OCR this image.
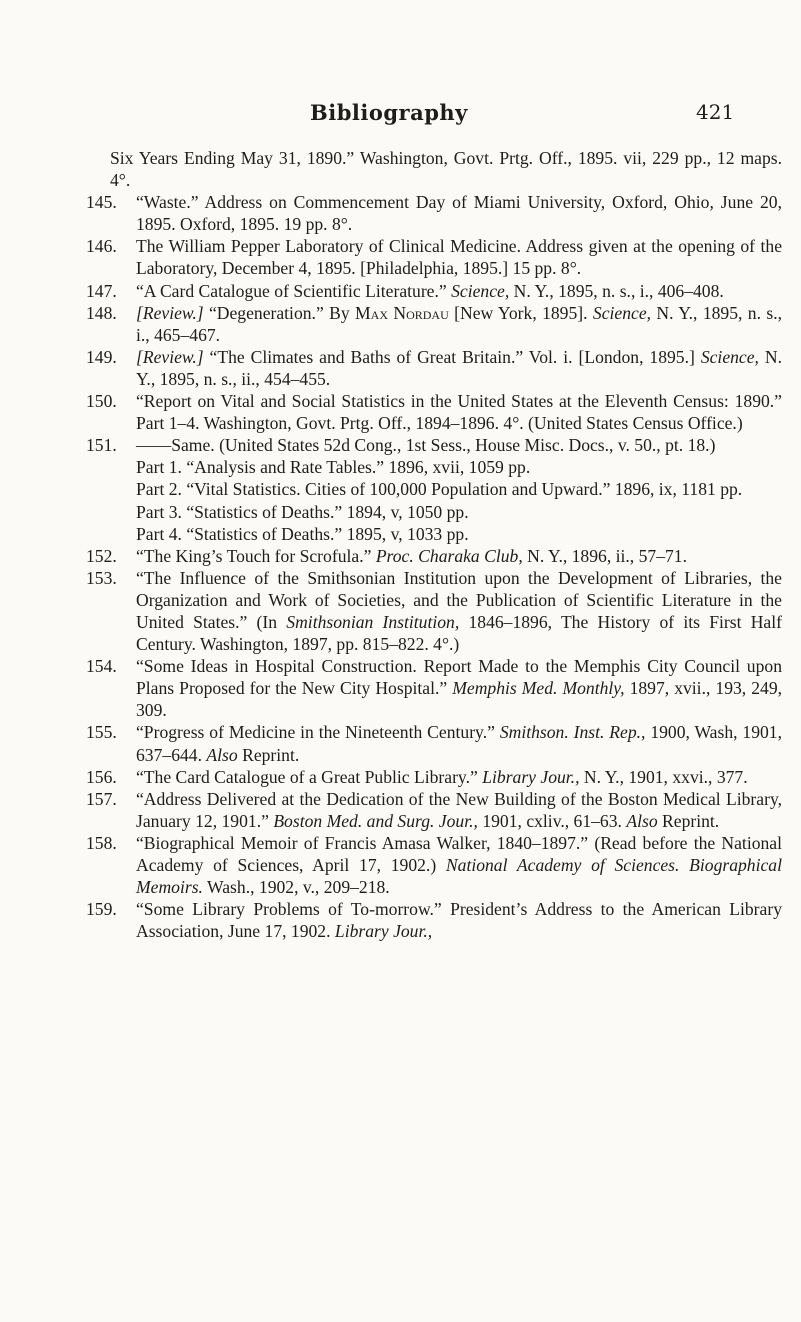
Bibliography	421
Six Years Ending May 31, 1890.” Washington, Govt. Prtg. Off., 1895. vii, 229 pp., 12 maps. 4°.
145. “Waste.” Address on Commencement Day of Miami University, Oxford, Ohio, June 20, 1895. Oxford, 1895. 19 pp. 8°.
146. The William Pepper Laboratory of Clinical Medicine. Address given at the opening of the Laboratory, December 4, 1895. [Philadelphia, 1895.] 15 pp. 8°.
147. “A Card Catalogue of Scientific Literature.” Science, N. Y., 1895, n. s., i., 406–408.
148. [Review.] “Degeneration.” By Max Nordau [New York, 1895]. Science, N. Y., 1895, n. s., i., 465–467.
149. [Review.] “The Climates and Baths of Great Britain.” Vol. i. [London, 1895.] Science, N. Y., 1895, n. s., ii., 454–455.
150. “Report on Vital and Social Statistics in the United States at the Eleventh Census: 1890.” Part 1–4. Washington, Govt. Prtg. Off., 1894–1896. 4°. (United States Census Office.)
151. ——Same. (United States 52d Cong., 1st Sess., House Misc. Docs., v. 50., pt. 18.)
Part 1. “Analysis and Rate Tables.” 1896, xvii, 1059 pp.
Part 2. “Vital Statistics. Cities of 100,000 Population and Upward.” 1896, ix, 1181 pp.
Part 3. “Statistics of Deaths.” 1894, v, 1050 pp.
Part 4. “Statistics of Deaths.” 1895, v, 1033 pp.
152. “The King’s Touch for Scrofula.” Proc. Charaka Club, N. Y., 1896, ii., 57–71.
153. “The Influence of the Smithsonian Institution upon the Development of Libraries, the Organization and Work of Societies, and the Publication of Scientific Literature in the United States.” (In Smithsonian Institution, 1846–1896, The History of its First Half Century. Washington, 1897, pp. 815–822. 4°.)
154. “Some Ideas in Hospital Construction. Report Made to the Memphis City Council upon Plans Proposed for the New City Hospital.” Memphis Med. Monthly, 1897, xvii., 193, 249, 309.
155. “Progress of Medicine in the Nineteenth Century.” Smithson. Inst. Rep., 1900, Wash, 1901, 637–644. Also Reprint.
156. “The Card Catalogue of a Great Public Library.” Library Jour., N. Y., 1901, xxvi., 377.
157. “Address Delivered at the Dedication of the New Building of the Boston Medical Library, January 12, 1901.” Boston Med. and Surg. Jour., 1901, cxliv., 61–63. Also Reprint.
158. “Biographical Memoir of Francis Amasa Walker, 1840–1897.” (Read before the National Academy of Sciences, April 17, 1902.) National Academy of Sciences. Biographical Memoirs. Wash., 1902, v., 209–218.
159. “Some Library Problems of To-morrow.” President’s Address to the American Library Association, June 17, 1902. Library Jour.,
